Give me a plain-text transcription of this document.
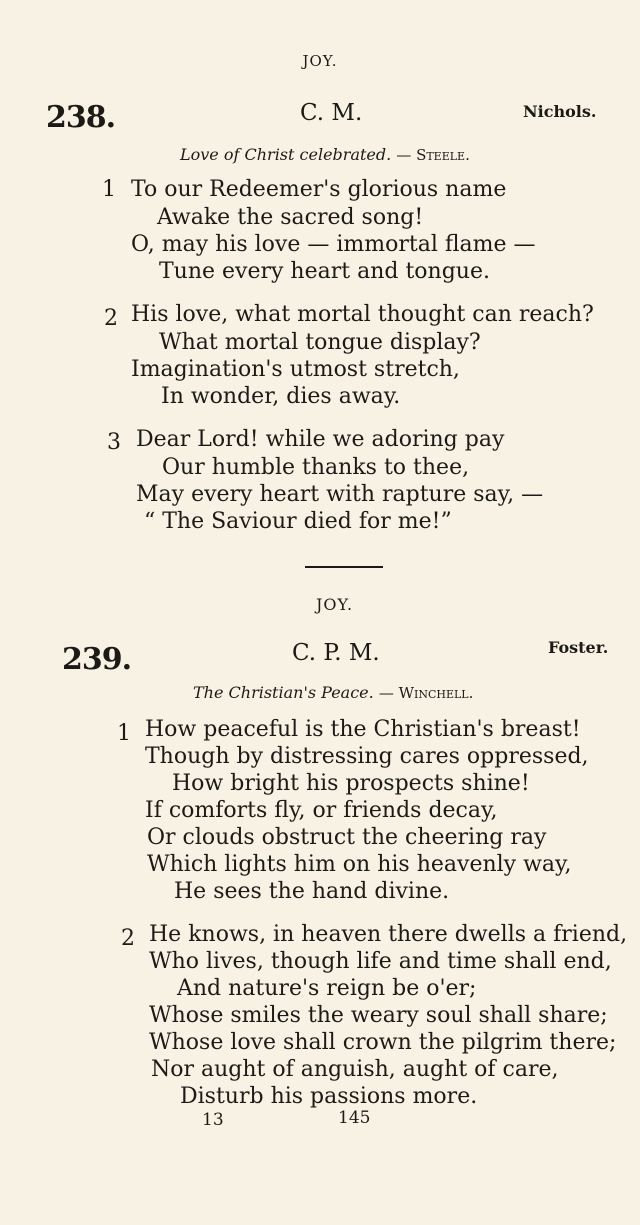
JOY.
238.	C. M.	Nichols.
Love of Christ celebrated. — Steele.
1 To our Redeemer's glorious name
Awake the sacred song!
O, may his love — immortal flame —
Tune every heart and tongue.
2 His love, what mortal thought can reach?
What mortal tongue display?
Imagination's utmost stretch,
In wonder, dies away.
3 Dear Lord! while we adoring pay
Our humble thanks to thee,
May every heart with rapture say, —
“ The Saviour died for me!”
JOY.
239.	C. P. M.	Foster.
The Christian's Peace. — Winchell.
1 How peaceful is the Christian's breast!
Though by distressing cares oppressed,
How bright his prospects shine!
If comforts fly, or friends decay,
Or clouds obstruct the cheering ray
Which lights him on his heavenly way,
He sees the hand divine.
2 He knows, in heaven there dwells a friend,
Who lives, though life and time shall end,
And nature's reign be o'er;
Whose smiles the weary soul shall share;
Whose love shall crown the pilgrim there;
Nor aught of anguish, aught of care,
Disturb his passions more.
13	145
